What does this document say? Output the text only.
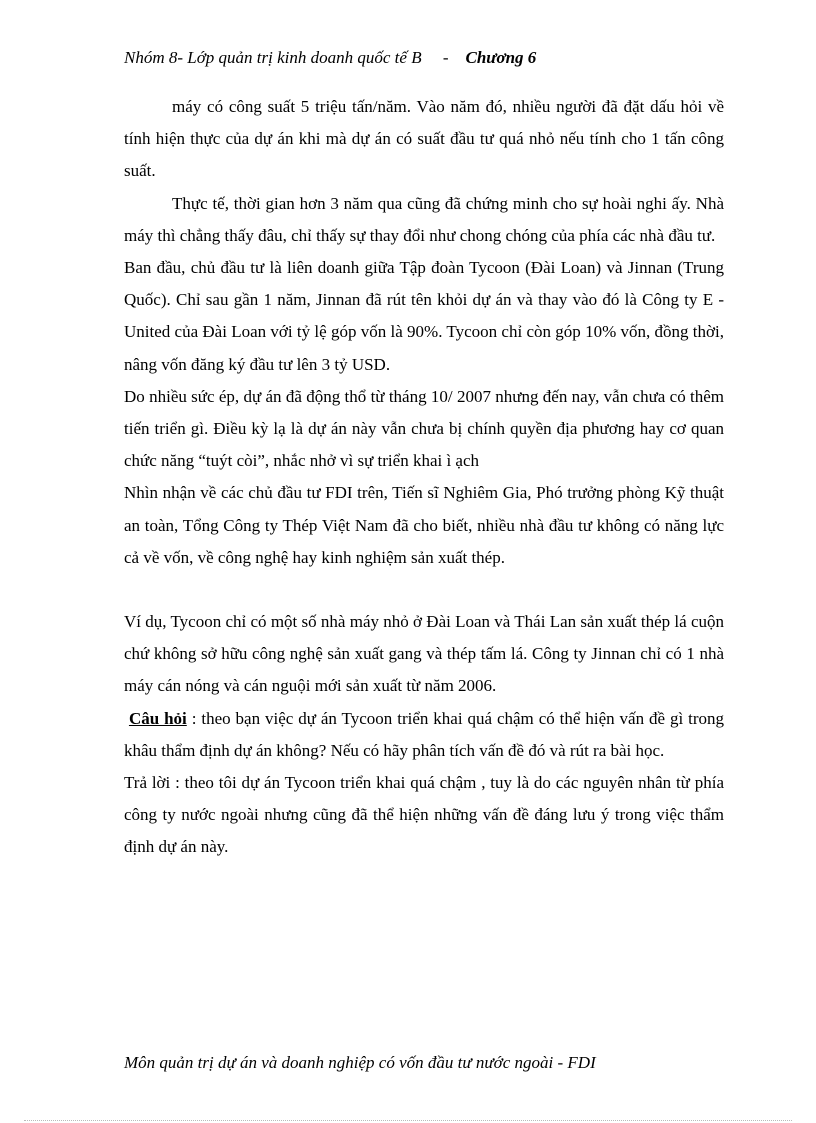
Nhóm 8- Lớp quản trị kinh doanh quốc tế B     -    Chương 6

máy có công suất 5 triệu tấn/năm. Vào năm đó, nhiều người đã đặt dấu hỏi về tính hiện thực của dự án khi mà dự án có suất đầu tư quá nhỏ nếu tính cho 1 tấn công suất.

Thực tế, thời gian hơn 3 năm qua cũng đã chứng minh cho sự hoài nghi ấy. Nhà máy thì chẳng thấy đâu, chỉ thấy sự thay đổi như chong chóng của phía các nhà đầu tư.

Ban đầu, chủ đầu tư là liên doanh giữa Tập đoàn Tycoon (Đài Loan) và Jinnan (Trung Quốc). Chỉ sau gần 1 năm, Jinnan đã rút tên khỏi dự án và thay vào đó là Công ty E - United của Đài Loan với tỷ lệ góp vốn là 90%. Tycoon chỉ còn góp 10% vốn, đồng thời, nâng vốn đăng ký đầu tư lên 3 tỷ USD.

Do nhiều sức ép, dự án đã động thổ từ tháng 10/ 2007 nhưng đến nay, vẫn chưa có thêm tiến triển gì. Điều kỳ lạ là dự án này vẫn chưa bị chính quyền địa phương hay cơ quan chức năng “tuýt còi”, nhắc nhở vì sự triển khai ì ạch

Nhìn nhận về các chủ đầu tư FDI trên, Tiến sĩ Nghiêm Gia, Phó trưởng phòng Kỹ thuật an toàn, Tổng Công ty Thép Việt Nam đã cho biết, nhiều nhà đầu tư không có năng lực cả về vốn, về công nghệ hay kinh nghiệm sản xuất thép.

Ví dụ, Tycoon chỉ có một số nhà máy nhỏ ở Đài Loan và Thái Lan sản xuất thép lá cuộn chứ không sở hữu công nghệ sản xuất gang và thép tấm lá. Công ty Jinnan chỉ có 1 nhà máy cán nóng và cán nguội mới sản xuất từ năm 2006.

Câu hỏi : theo bạn việc dự án Tycoon triển khai quá chậm có thể hiện vấn đề gì trong khâu thẩm định dự án không? Nếu có hãy phân tích vấn đề đó và rút ra bài học.

Trả lời : theo tôi dự án Tycoon triển khai quá chậm , tuy là do các nguyên nhân từ phía công ty nước ngoài nhưng cũng đã thể hiện những vấn đề đáng lưu ý trong việc thẩm định dự án này.

Môn quản trị dự án và doanh nghiệp có vốn đầu tư nước ngoài - FDI
